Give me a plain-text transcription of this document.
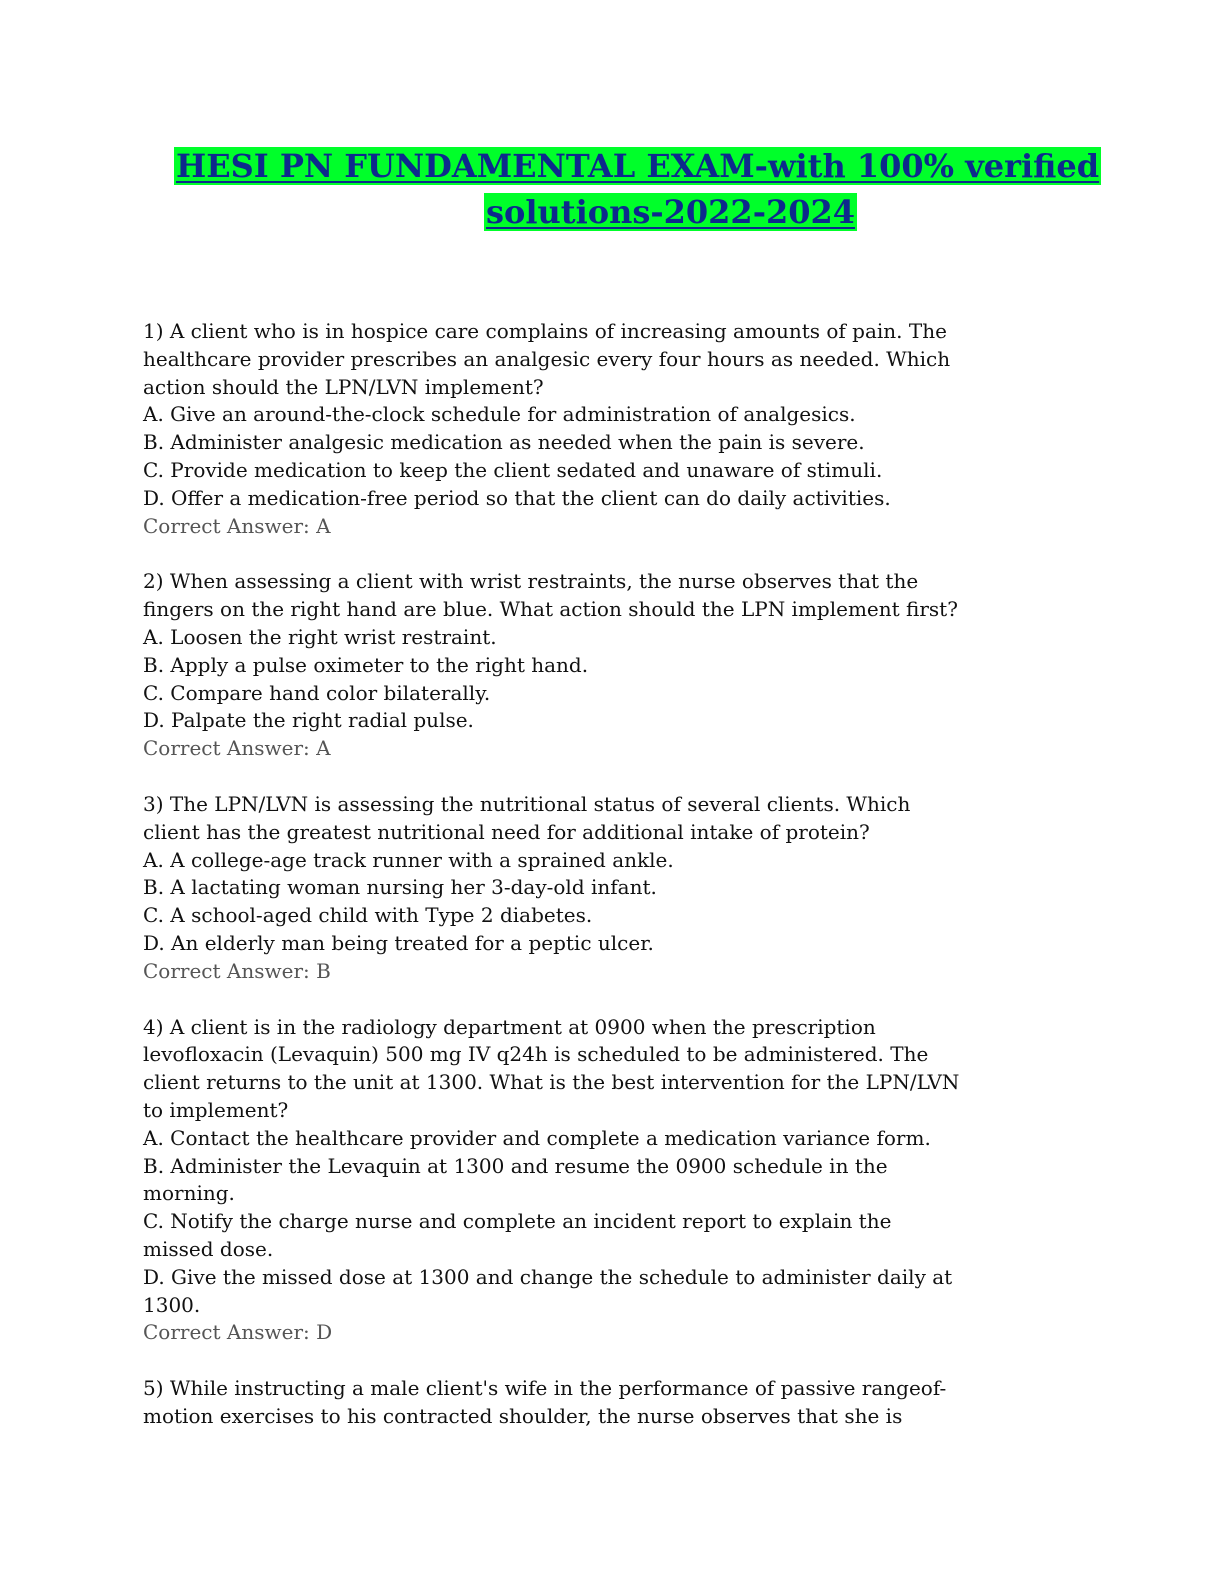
HESI PN FUNDAMENTAL EXAM-with 100% verified
solutions-2022-2024
1) A client who is in hospice care complains of increasing amounts of pain. The healthcare provider prescribes an analgesic every four hours as needed. Which action should the LPN/LVN implement?
A. Give an around-the-clock schedule for administration of analgesics.
B. Administer analgesic medication as needed when the pain is severe.
C. Provide medication to keep the client sedated and unaware of stimuli.
D. Offer a medication-free period so that the client can do daily activities.
Correct Answer: A
2) When assessing a client with wrist restraints, the nurse observes that the fingers on the right hand are blue. What action should the LPN implement first?
A. Loosen the right wrist restraint.
B. Apply a pulse oximeter to the right hand.
C. Compare hand color bilaterally.
D. Palpate the right radial pulse.
Correct Answer: A
3) The LPN/LVN is assessing the nutritional status of several clients. Which client has the greatest nutritional need for additional intake of protein?
A. A college-age track runner with a sprained ankle.
B. A lactating woman nursing her 3-day-old infant.
C. A school-aged child with Type 2 diabetes.
D. An elderly man being treated for a peptic ulcer.
Correct Answer: B
4) A client is in the radiology department at 0900 when the prescription levofloxacin (Levaquin) 500 mg IV q24h is scheduled to be administered. The client returns to the unit at 1300. What is the best intervention for the LPN/LVN to implement?
A. Contact the healthcare provider and complete a medication variance form.
B. Administer the Levaquin at 1300 and resume the 0900 schedule in the morning.
C. Notify the charge nurse and complete an incident report to explain the missed dose.
D. Give the missed dose at 1300 and change the schedule to administer daily at 1300.
Correct Answer: D
5) While instructing a male client's wife in the performance of passive rangeof-motion exercises to his contracted shoulder, the nurse observes that she is
